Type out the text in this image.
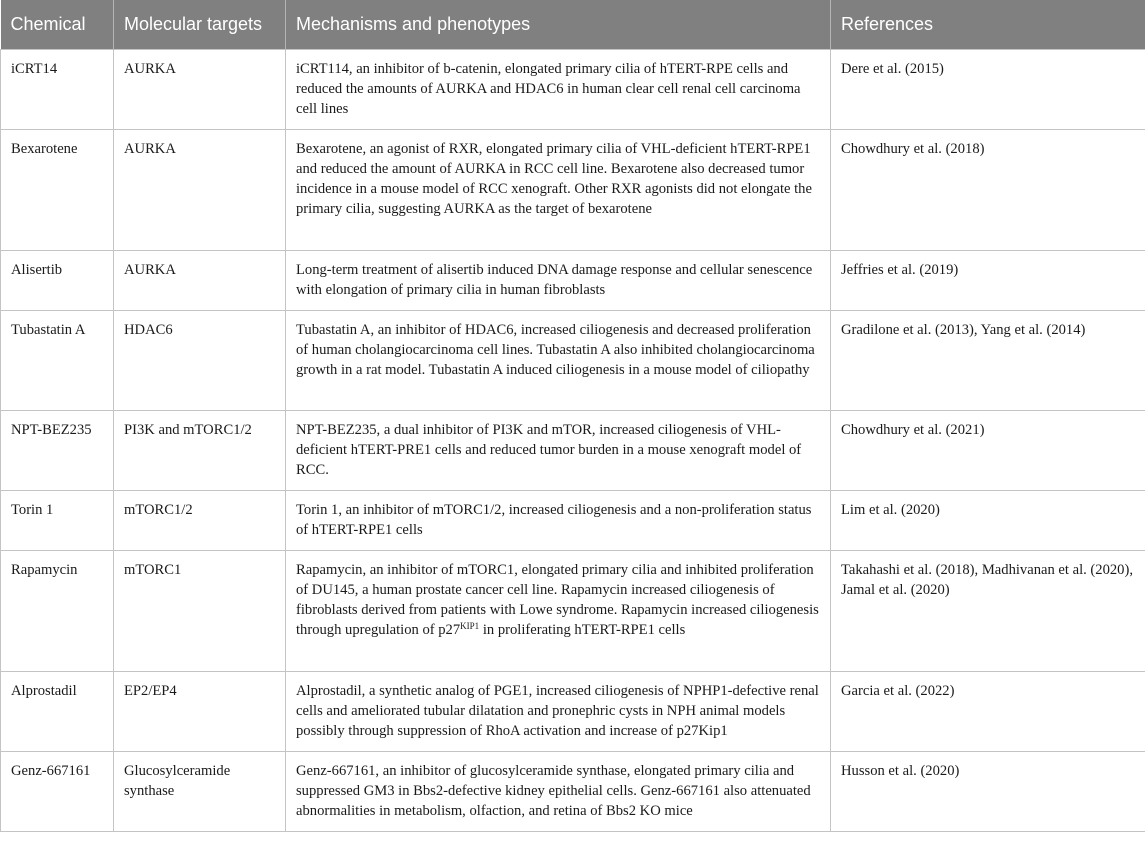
Chemical	Molecular targets	Mechanisms and phenotypes	References
iCRT14	AURKA	iCRT114, an inhibitor of b-catenin, elongated primary cilia of hTERT-RPE cells and reduced the amounts of AURKA and HDAC6 in human clear cell renal cell carcinoma cell lines	Dere et al. (2015)
Bexarotene	AURKA	Bexarotene, an agonist of RXR, elongated primary cilia of VHL-deficient hTERT-RPE1 and reduced the amount of AURKA in RCC cell line. Bexarotene also decreased tumor incidence in a mouse model of RCC xenograft. Other RXR agonists did not elongate the primary cilia, suggesting AURKA as the target of bexarotene	Chowdhury et al. (2018)
Alisertib	AURKA	Long-term treatment of alisertib induced DNA damage response and cellular senescence with elongation of primary cilia in human fibroblasts	Jeffries et al. (2019)
Tubastatin A	HDAC6	Tubastatin A, an inhibitor of HDAC6, increased ciliogenesis and decreased proliferation of human cholangiocarcinoma cell lines. Tubastatin A also inhibited cholangiocarcinoma growth in a rat model. Tubastatin A induced ciliogenesis in a mouse model of ciliopathy	Gradilone et al. (2013), Yang et al. (2014)
NPT-BEZ235	PI3K and mTORC1/2	NPT-BEZ235, a dual inhibitor of PI3K and mTOR, increased ciliogenesis of VHL-deficient hTERT-PRE1 cells and reduced tumor burden in a mouse xenograft model of RCC.	Chowdhury et al. (2021)
Torin 1	mTORC1/2	Torin 1, an inhibitor of mTORC1/2, increased ciliogenesis and a non-proliferation status of hTERT-RPE1 cells	Lim et al. (2020)
Rapamycin	mTORC1	Rapamycin, an inhibitor of mTORC1, elongated primary cilia and inhibited proliferation of DU145, a human prostate cancer cell line. Rapamycin increased ciliogenesis of fibroblasts derived from patients with Lowe syndrome. Rapamycin increased ciliogenesis through upregulation of $p27^{KIP1}$ in proliferating hTERT-RPE1 cells	Takahashi et al. (2018), Madhivanan et al. (2020), Jamal et al. (2020)
Alprostadil	EP2/EP4	Alprostadil, a synthetic analog of PGE1, increased ciliogenesis of NPHP1-defective renal cells and ameliorated tubular dilatation and pronephric cysts in NPH animal models possibly through suppression of RhoA activation and increase of p27Kip1	Garcia et al. (2022)
Genz-667161	Glucosylceramide synthase	Genz-667161, an inhibitor of glucosylceramide synthase, elongated primary cilia and suppressed GM3 in Bbs2-defective kidney epithelial cells. Genz-667161 also attenuated abnormalities in metabolism, olfaction, and retina of Bbs2 KO mice	Husson et al. (2020)
